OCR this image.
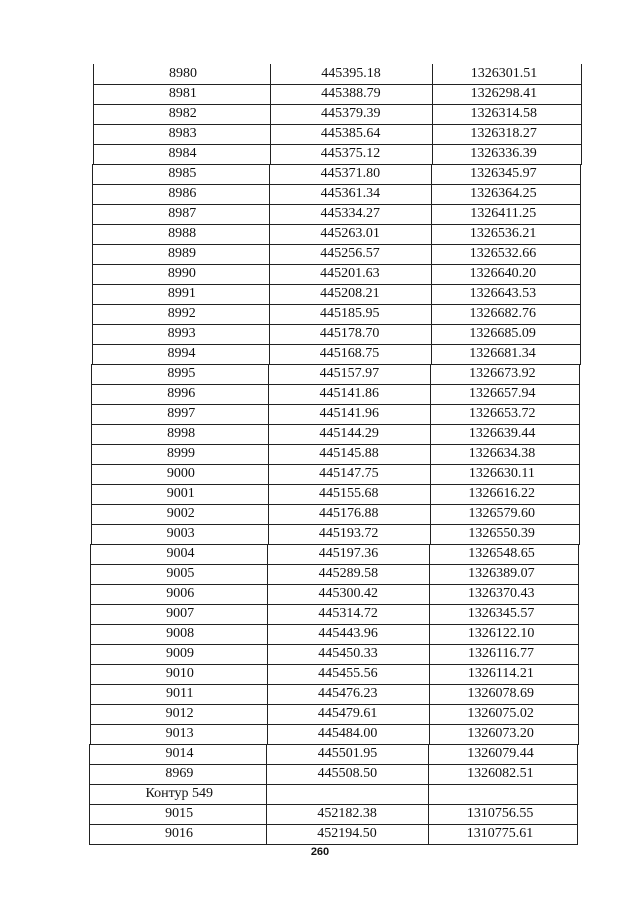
8980	445395.18	1326301.51
8981	445388.79	1326298.41
8982	445379.39	1326314.58
8983	445385.64	1326318.27
8984	445375.12	1326336.39
8985	445371.80	1326345.97
8986	445361.34	1326364.25
8987	445334.27	1326411.25
8988	445263.01	1326536.21
8989	445256.57	1326532.66
8990	445201.63	1326640.20
8991	445208.21	1326643.53
8992	445185.95	1326682.76
8993	445178.70	1326685.09
8994	445168.75	1326681.34
8995	445157.97	1326673.92
8996	445141.86	1326657.94
8997	445141.96	1326653.72
8998	445144.29	1326639.44
8999	445145.88	1326634.38
9000	445147.75	1326630.11
9001	445155.68	1326616.22
9002	445176.88	1326579.60
9003	445193.72	1326550.39
9004	445197.36	1326548.65
9005	445289.58	1326389.07
9006	445300.42	1326370.43
9007	445314.72	1326345.57
9008	445443.96	1326122.10
9009	445450.33	1326116.77
9010	445455.56	1326114.21
9011	445476.23	1326078.69
9012	445479.61	1326075.02
9013	445484.00	1326073.20
9014	445501.95	1326079.44
8969	445508.50	1326082.51
Контур 549
9015	452182.38	1310756.55
9016	452194.50	1310775.61
260
